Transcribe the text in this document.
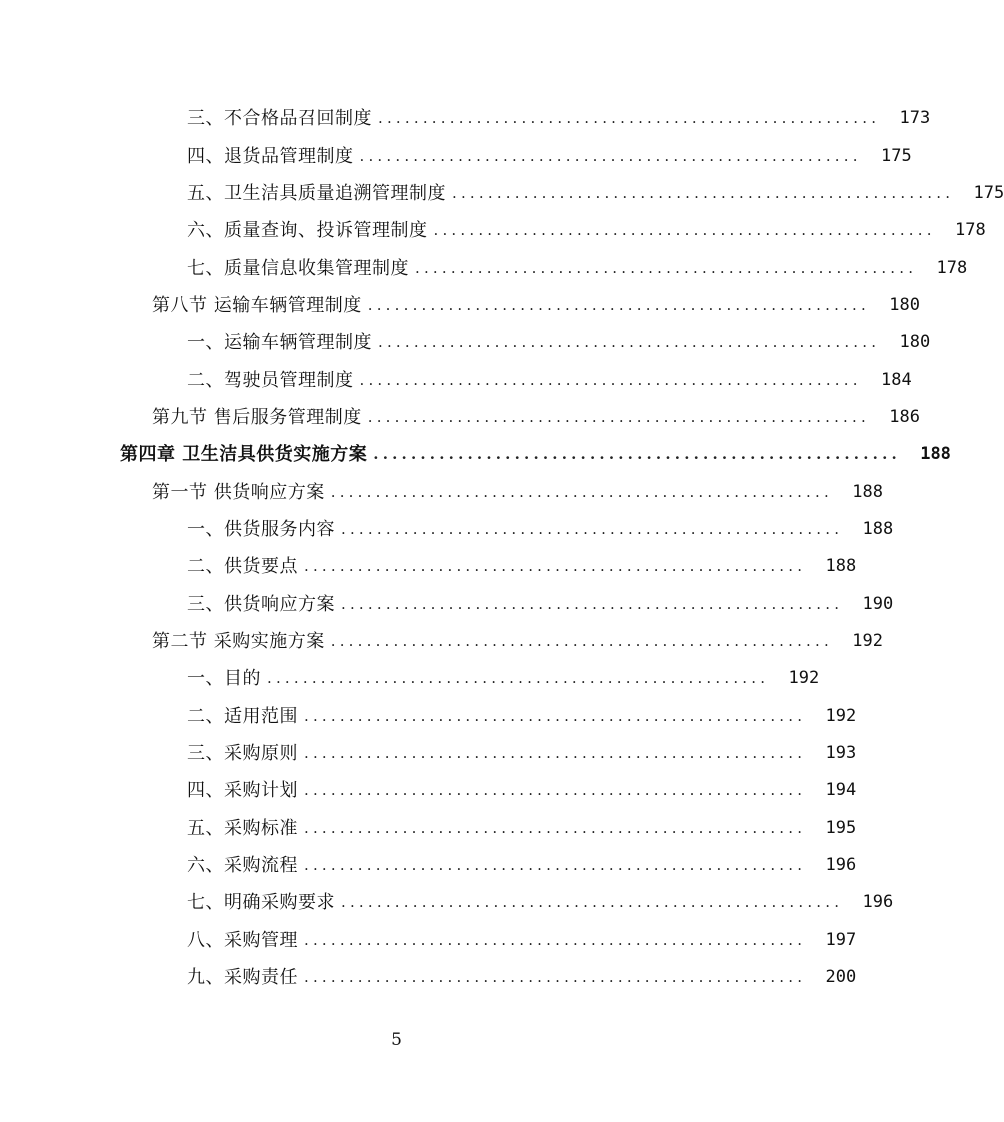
三、不合格品召回制度 ........................................................	173
四、退货品管理制度 ........................................................	175
五、卫生洁具质量追溯管理制度 ........................................................	175
六、质量查询、投诉管理制度 ........................................................	178
七、质量信息收集管理制度 ........................................................	178
第八节 运输车辆管理制度 ........................................................	180
一、运输车辆管理制度 ........................................................	180
二、驾驶员管理制度 ........................................................	184
第九节 售后服务管理制度 ........................................................	186
第四章 卫生洁具供货实施方案 ........................................................	188
第一节 供货响应方案 ........................................................	188
一、供货服务内容 ........................................................	188
二、供货要点 ........................................................	188
三、供货响应方案 ........................................................	190
第二节 采购实施方案 ........................................................	192
一、目的 ........................................................	192
二、适用范围 ........................................................	192
三、采购原则 ........................................................	193
四、采购计划 ........................................................	194
五、采购标准 ........................................................	195
六、采购流程 ........................................................	196
七、明确采购要求 ........................................................	196
八、采购管理 ........................................................	197
九、采购责任 ........................................................	200
5
